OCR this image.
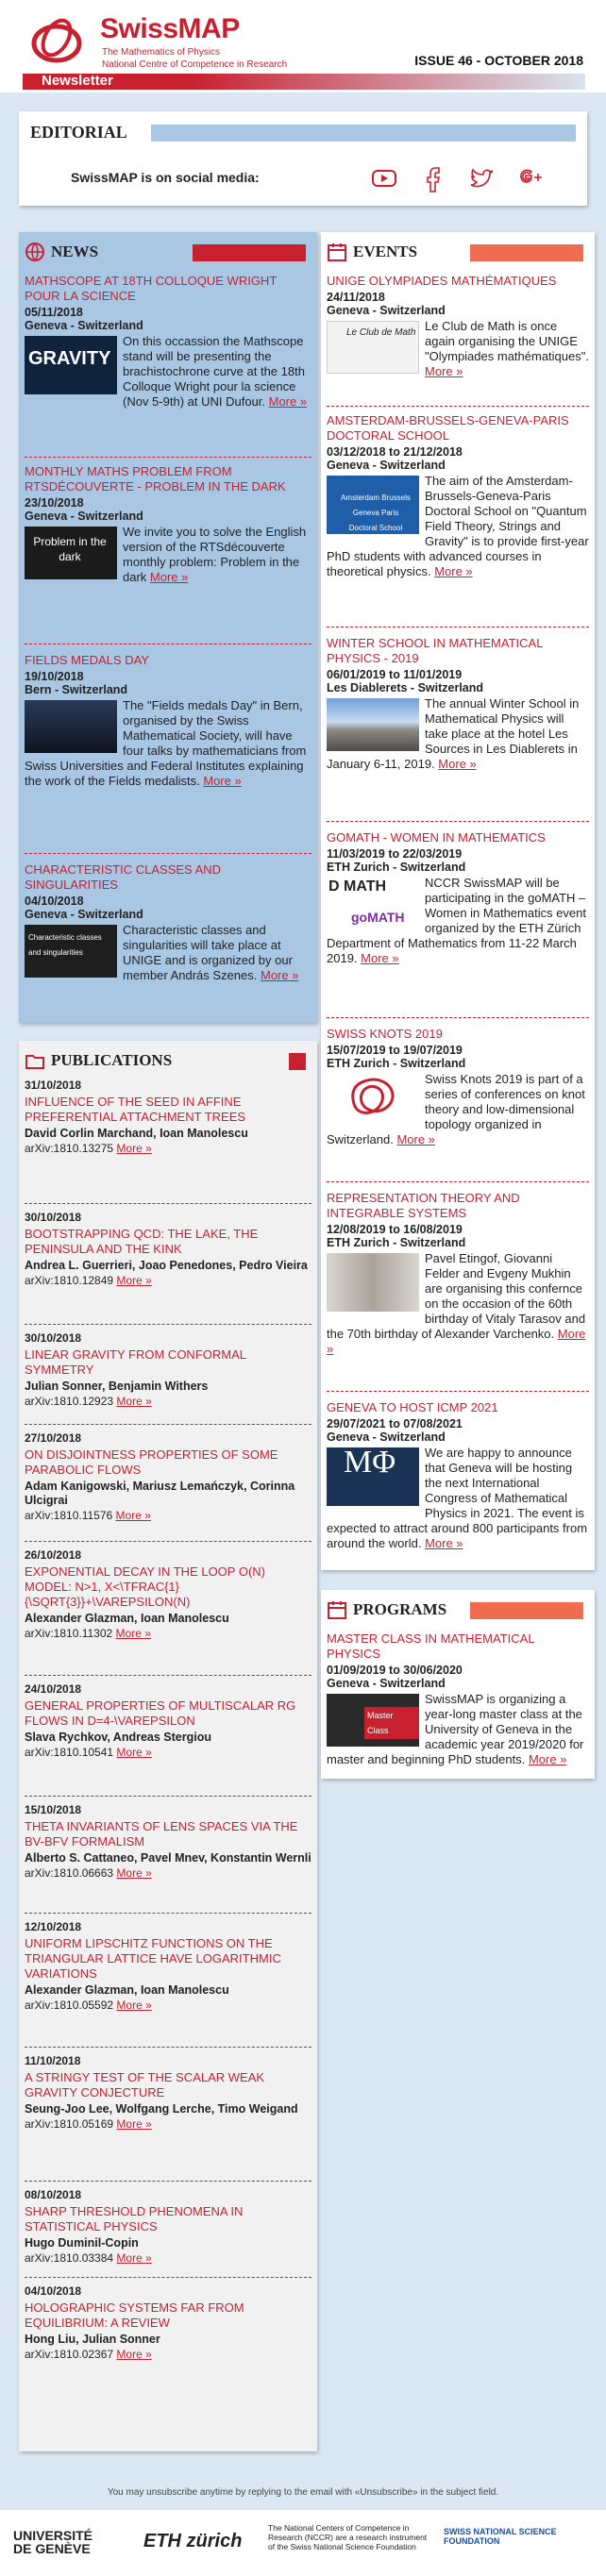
SwissMAP
The Mathematics of Physics
National Centre of Competence in Research	ISSUE 46 - OCTOBER 2018
Newsletter
EDITORIAL
SwissMAP is on social media:
NEWS
MATHSCOPE AT 18TH COLLOQUE WRIGHT POUR LA SCIENCE
05/11/2018
Geneva - Switzerland
GRAVITY
On this occassion the Mathscope stand will be presenting the brachistochrone curve at the 18th Colloque Wright pour la science (Nov 5-9th) at UNI Dufour. More »
MONTHLY MATHS PROBLEM FROM RTSDÉCOUVERTE - PROBLEM IN THE DARK
23/10/2018
Geneva - Switzerland
Problem in the dark
We invite you to solve the English version of the RTSdécouverte monthly problem: Problem in the dark More »
FIELDS MEDALS DAY
19/10/2018
Bern - Switzerland
The "Fields medals Day" in Bern, organised by the Swiss Mathematical Society, will have four talks by mathematicians from Swiss Universities and Federal Institutes explaining the work of the Fields medalists. More »
CHARACTERISTIC CLASSES AND SINGULARITIES
04/10/2018
Geneva - Switzerland
Characteristic classes and singularities
Characteristic classes and singularities will take place at UNIGE and is organized by our member András Szenes. More »
PUBLICATIONS
31/10/2018
INFLUENCE OF THE SEED IN AFFINE PREFERENTIAL ATTACHMENT TREES
David Corlin Marchand, Ioan Manolescu
arXiv:1810.13275 More »
30/10/2018
BOOTSTRAPPING QCD: THE LAKE, THE PENINSULA AND THE KINK
Andrea L. Guerrieri, Joao Penedones, Pedro Vieira
arXiv:1810.12849 More »
30/10/2018
LINEAR GRAVITY FROM CONFORMAL SYMMETRY
Julian Sonner, Benjamin Withers
arXiv:1810.12923 More »
27/10/2018
ON DISJOINTNESS PROPERTIES OF SOME PARABOLIC FLOWS
Adam Kanigowski, Mariusz Lemańczyk, Corinna Ulcigrai
arXiv:1810.11576 More »
26/10/2018
EXPONENTIAL DECAY IN THE LOOP O(N) MODEL: N>1, X<\TFRAC{1}{\SQRT{3}}+\VAREPSILON(N)
Alexander Glazman, Ioan Manolescu
arXiv:1810.11302 More »
24/10/2018
GENERAL PROPERTIES OF MULTISCALAR RG FLOWS IN D=4-\VAREPSILON
Slava Rychkov, Andreas Stergiou
arXiv:1810.10541 More »
15/10/2018
THETA INVARIANTS OF LENS SPACES VIA THE BV-BFV FORMALISM
Alberto S. Cattaneo, Pavel Mnev, Konstantin Wernli
arXiv:1810.06663 More »
12/10/2018
UNIFORM LIPSCHITZ FUNCTIONS ON THE TRIANGULAR LATTICE HAVE LOGARITHMIC VARIATIONS
Alexander Glazman, Ioan Manolescu
arXiv:1810.05592 More »
11/10/2018
A STRINGY TEST OF THE SCALAR WEAK GRAVITY CONJECTURE
Seung-Joo Lee, Wolfgang Lerche, Timo Weigand
arXiv:1810.05169 More »
08/10/2018
SHARP THRESHOLD PHENOMENA IN STATISTICAL PHYSICS
Hugo Duminil-Copin
arXiv:1810.03384 More »
04/10/2018
HOLOGRAPHIC SYSTEMS FAR FROM EQUILIBRIUM: A REVIEW
Hong Liu, Julian Sonner
arXiv:1810.02367 More »
EVENTS
UNIGE OLYMPIADES MATHÉMATIQUES
24/11/2018
Geneva - Switzerland
Le Club de Math Le Club de Math is once again organising the UNIGE "Olympiades mathématiques". More »
AMSTERDAM-BRUSSELS-GENEVA-PARIS DOCTORAL SCHOOL
03/12/2018 to 21/12/2018
Geneva - Switzerland
Amsterdam Brussels Geneva Paris Doctoral School
The aim of the Amsterdam-Brussels-Geneva-Paris Doctoral School on "Quantum Field Theory, Strings and Gravity" is to provide first-year PhD students with advanced courses in theoretical physics. More »
WINTER SCHOOL IN MATHEMATICAL PHYSICS - 2019
06/01/2019 to 11/01/2019
Les Diablerets - Switzerland
The annual Winter School in Mathematical Physics will take place at the hotel Les Sources in Les Diablerets in January 6-11, 2019. More »
GOMATH - WOMEN IN MATHEMATICS
11/03/2019 to 22/03/2019
ETH Zurich - Switzerland
D MATH
goMATH
NCCR SwissMAP will be participating in the goMATH – Women in Mathematics event organized by the ETH Zürich Department of Mathematics from 11-22 March 2019. More »
SWISS KNOTS 2019
15/07/2019 to 19/07/2019
ETH Zurich - Switzerland
Swiss Knots 2019 is part of a series of conferences on knot theory and low-dimensional topology organized in Switzerland. More »
REPRESENTATION THEORY AND INTEGRABLE SYSTEMS
12/08/2019 to 16/08/2019
ETH Zurich - Switzerland
Pavel Etingof, Giovanni Felder and Evgeny Mukhin are organising this confernce on the occasion of the 60th birthday of Vitaly Tarasov and the 70th birthday of Alexander Varchenko. More »
GENEVA TO HOST ICMP 2021
29/07/2021 to 07/08/2021
Geneva - Switzerland
MΦ We are happy to announce that Geneva will be hosting the next International Congress of Mathematical Physics in 2021. The event is expected to attract around 800 participants from around the world. More »
PROGRAMS
MASTER CLASS IN MATHEMATICAL PHYSICS
01/09/2019 to 30/06/2020
Geneva - Switzerland
Master Class
SwissMAP is organizing a year-long master class at the University of Geneva in the academic year 2019/2020 for master and beginning PhD students. More »
You may unsubscribe anytime by replying to the email with «Unsubscribe» in the subject field.
UNIVERSITÉ DE GENÈVE	ETH zürich
The National Centers of Competence in Research (NCCR) are a research instrument of the Swiss National Science Foundation
SWISS NATIONAL SCIENCE FOUNDATION
